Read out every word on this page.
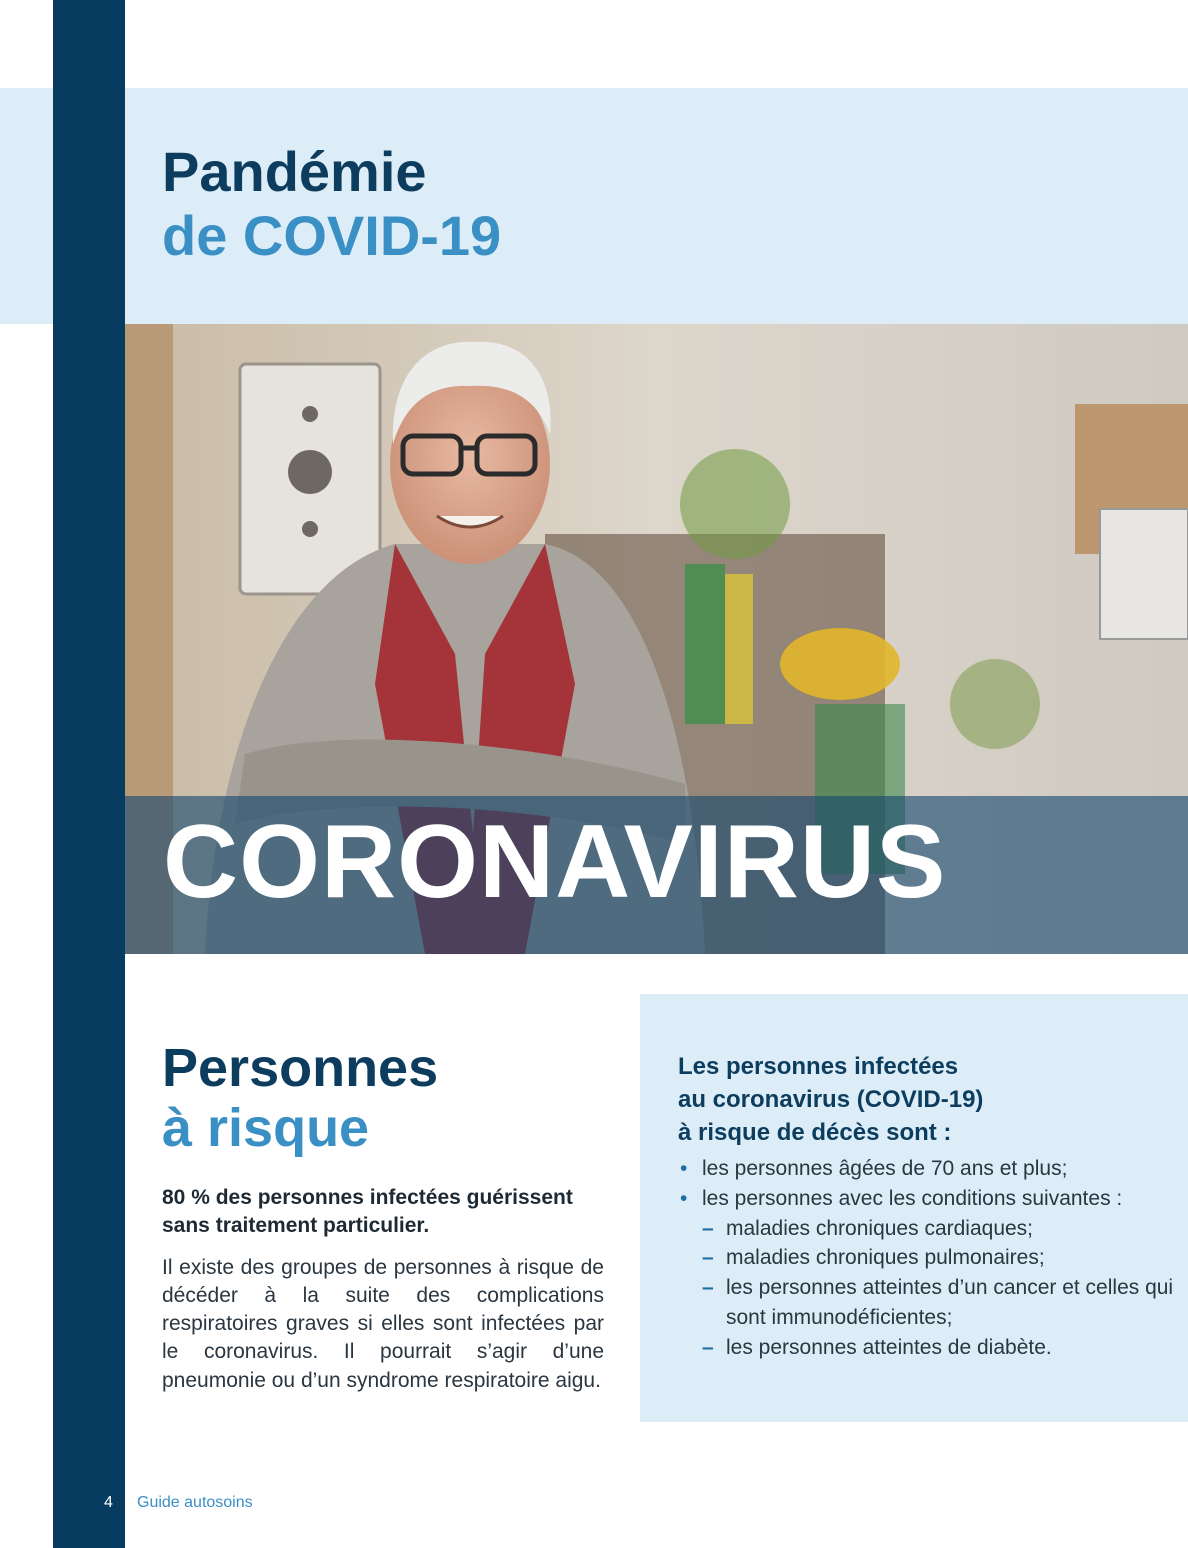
Pandémie
de COVID-19
CORONAVIRUS
Personnes
à risque
80 % des personnes infectées guérissent sans traitement particulier.
Il existe des groupes de personnes à risque de décéder à la suite des complications respiratoires graves si elles sont infectées par le coronavirus. Il pourrait s’agir d’une pneumonie ou d’un syndrome respiratoire aigu.
Les personnes infectées
au coronavirus (COVID-19)
à risque de décès sont :
• les personnes âgées de 70 ans et plus;
• les personnes avec les conditions suivantes :
– maladies chroniques cardiaques;
– maladies chroniques pulmonaires;
– les personnes atteintes d’un cancer et celles qui sont immunodéficientes;
– les personnes atteintes de diabète.
4	Guide autosoins
